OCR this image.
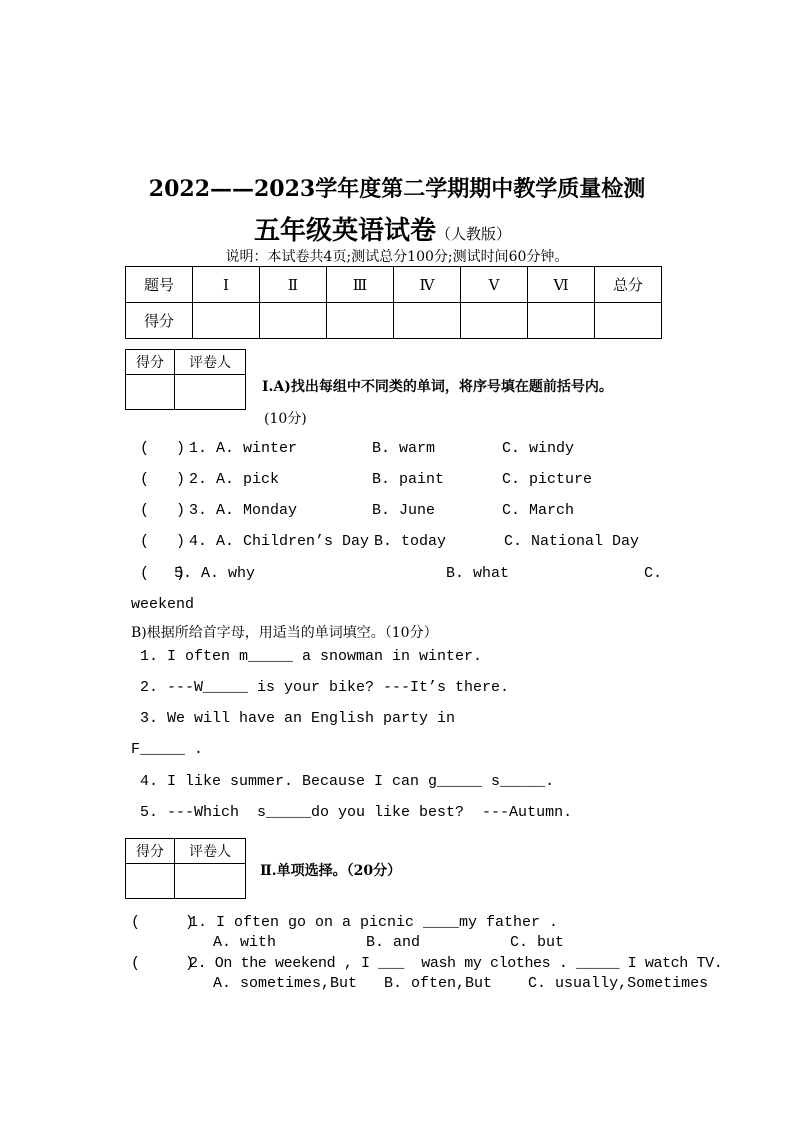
2022——2023学年度第二学期期中教学质量检测
五年级英语试卷（人教版）
说明：本试卷共4页;测试总分100分;测试时间60分钟。
题号	Ⅰ	Ⅱ	Ⅲ	Ⅳ	Ⅴ	Ⅵ	总分
得分							
得分	评卷人

Ⅰ.A)找出每组中不同类的单词，将序号填在题前括号内。
(10分)
(   ) 1. A. winter	B. warm	C. windy
(   ) 2. A. pick	B. paint	C. picture
(   ) 3. A. Monday	B. June	C. March
(   ) 4. A. Children’s Day B. today	C. National Day
(   )
5. A. why	B. what	C.
weekend
B)根据所给首字母，用适当的单词填空。（10分）
1. I often m_____ a snowman in winter.
2. ---W_____ is your bike? ---It’s there.
3. We will have an English party in
F_____ .
4. I like summer. Because I can g_____ s_____.
5. ---Which  s_____do you like best?  ---Autumn.
得分	评卷人

Ⅱ.单项选择。（20分）
(     )
1. I often go on a picnic ____my father .
A. with          B. and          C. but
(     )
2. On the weekend , I ___  wash my clothes . _____ I watch TV.
A. sometimes,But   B. often,But    C. usually,Sometimes
